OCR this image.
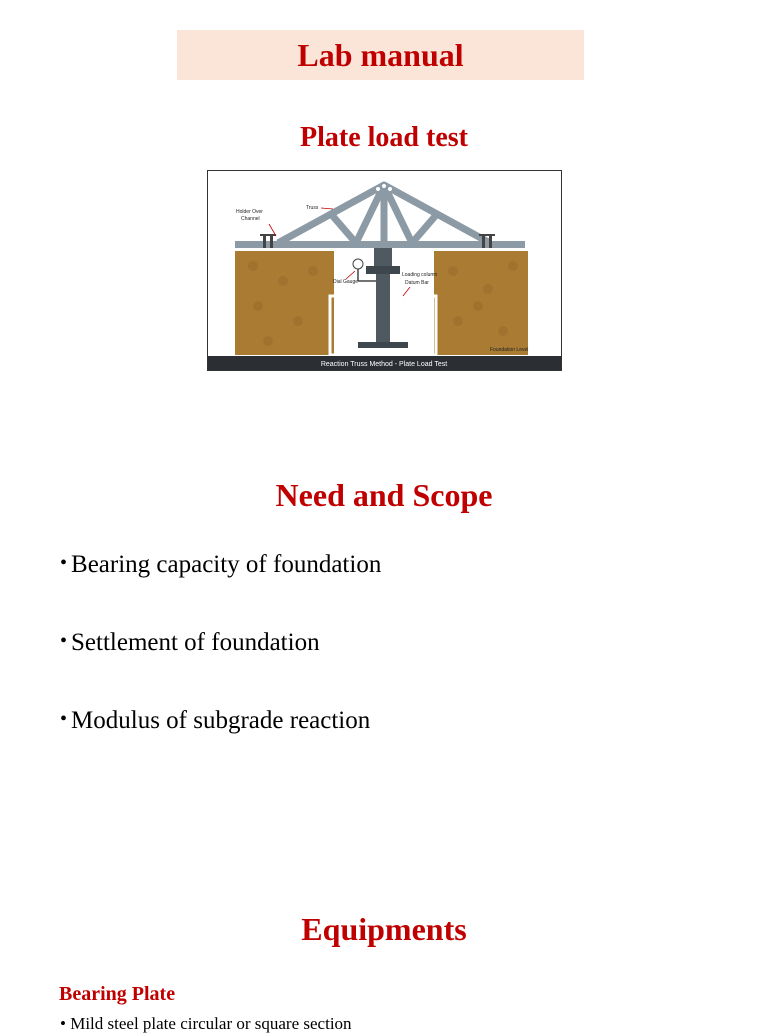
Lab manual
Plate load test
Truss
Holder Over
Channel
Dial Gauge
Loading column
Datum Bar
Foundation Level
Reaction Truss Method - Plate Load Test
Need and Scope
• Bearing capacity of foundation
• Settlement of foundation
• Modulus of subgrade reaction
Equipments
Bearing Plate
• Mild steel plate circular or square section
